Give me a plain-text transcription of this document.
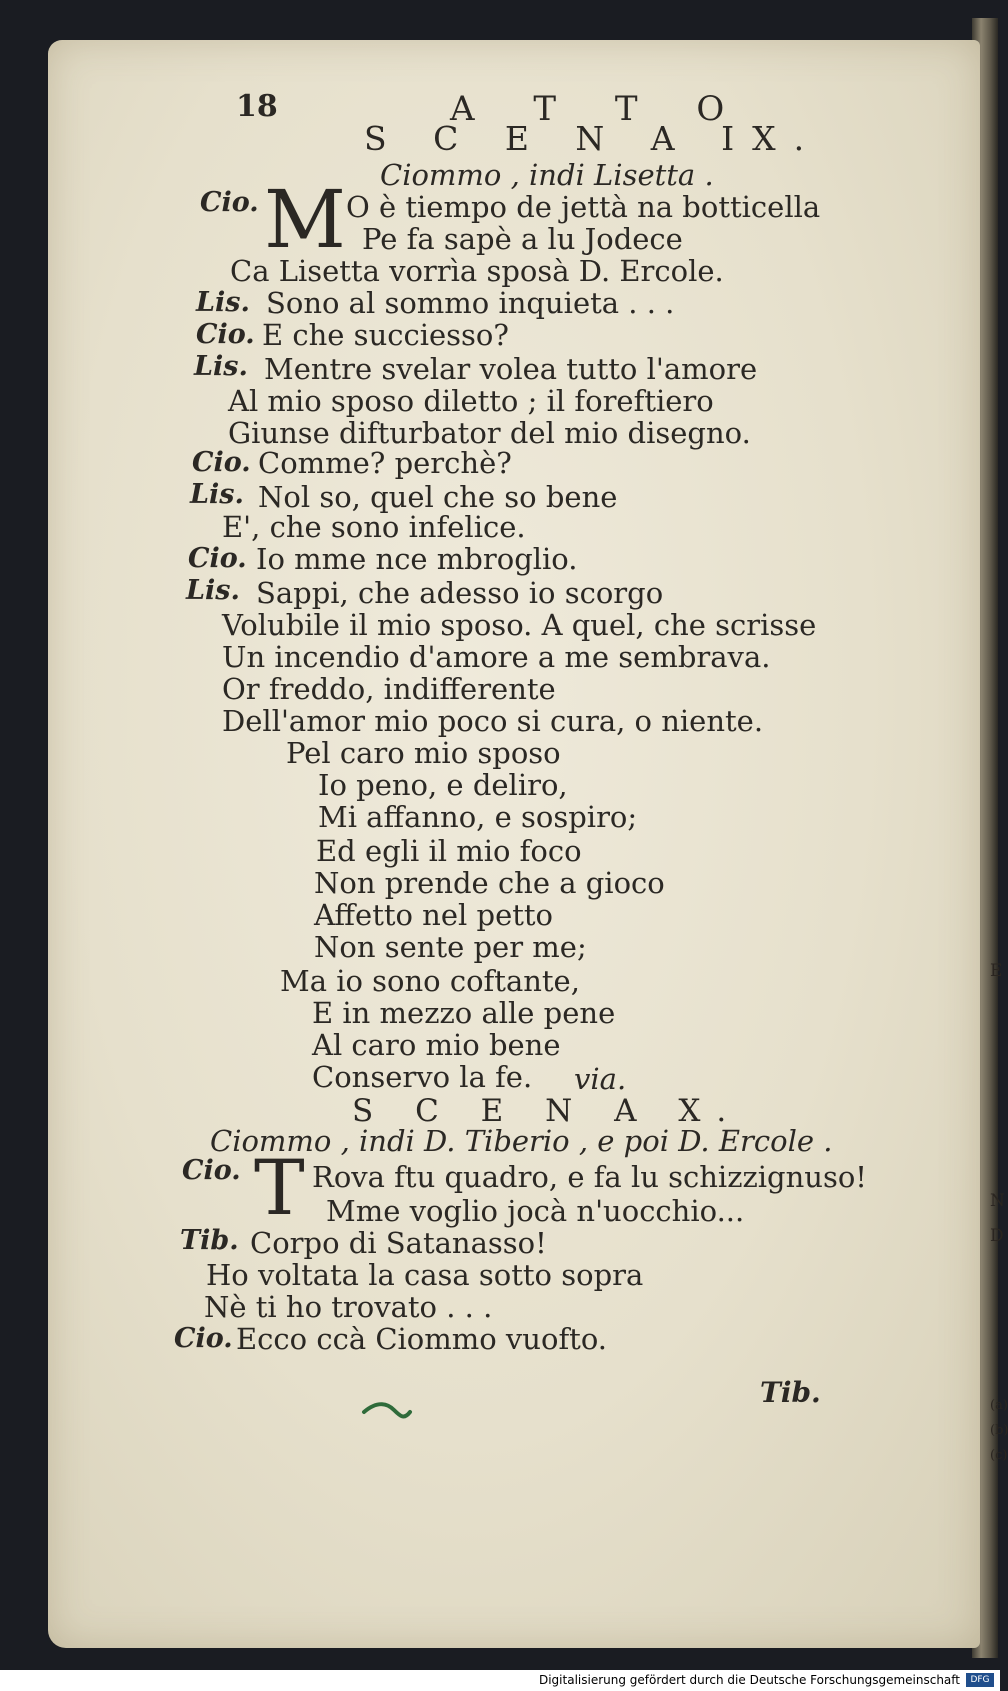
E
N
D
(a)
(b)
(c)
18	A T T O
S C E N A IX.
Ciommo , indi Lisetta .
Cio. M O è tiempo de jettà na botticella
Pe fa sapè a lu Jodece
Ca Lisetta vorrìa sposà D. Ercole.
Lis. Sono al sommo inquieta . . .
Cio. E che succiesso?
Lis. Mentre svelar volea tutto l'amore
Al mio sposo diletto ; il foreftiero
Giunse difturbator del mio disegno.
Cio. Comme? perchè?
Lis. Nol so, quel che so bene
E', che sono infelice.
Cio. Io mme nce mbroglio.
Lis. Sappi, che adesso io scorgo
Volubile il mio sposo. A quel, che scrisse
Un incendio d'amore a me sembrava.
Or freddo, indifferente
Dell'amor mio poco si cura, o niente.
Pel caro mio sposo
Io peno, e deliro,
Mi affanno, e sospiro;
Ed egli il mio foco
Non prende che a gioco
Affetto nel petto
Non sente per me;
Ma io sono coftante,
E in mezzo alle pene
Al caro mio bene
Conservo la fe. via.
S C E N A X.
Ciommo , indi D. Tiberio , e poi D. Ercole .
Cio. T Rova ftu quadro, e fa lu schizzignuso!
Mme voglio jocà n'uocchio...
Tib. Corpo di Satanasso!
Ho voltata la casa sotto sopra
Nè ti ho trovato . . .
Cio. Ecco ccà Ciommo vuofto.
Tib.
Digitalisierung gefördert durch die Deutsche Forschungsgemeinschaft	DFG
